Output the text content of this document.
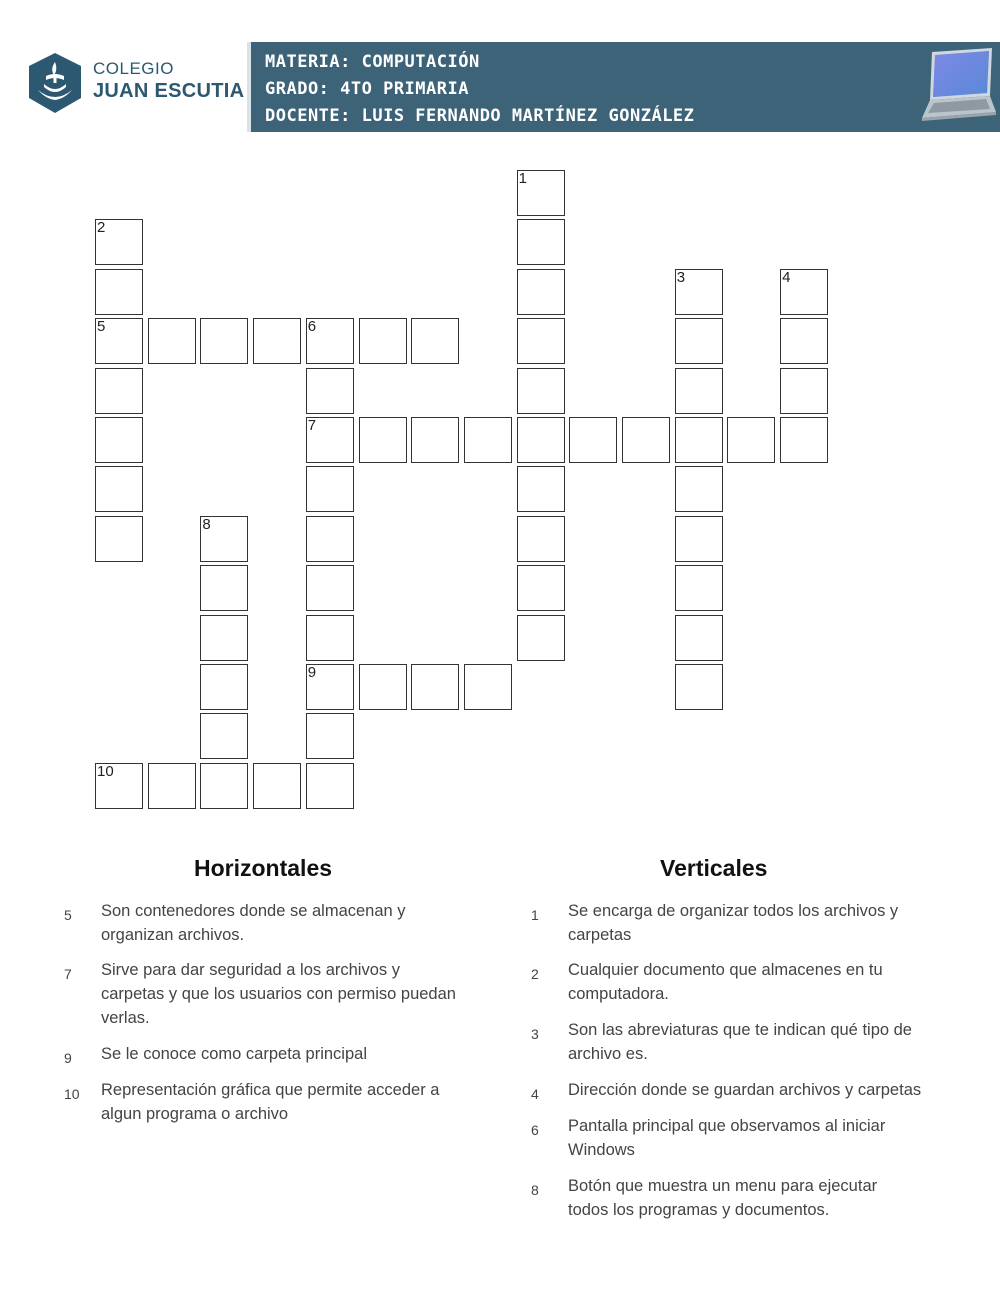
COLEGIO
JUAN ESCUTIA
MATERIA: COMPUTACIÓN
GRADO: 4TO PRIMARIA
DOCENTE: LUIS FERNANDO MARTÍNEZ GONZÁLEZ
1
2
5
3	4
6
7
9
8
10
Horizontales	Verticales
5 Son contenedores donde se almacenan y organizan archivos.
7 Sirve para dar seguridad a los archivos y carpetas y que los usuarios con permiso puedan verlas.
9 Se le conoce como carpeta principal
10 Representación gráfica que permite acceder a algun programa o archivo
1 Se encarga de organizar todos los archivos y carpetas
2 Cualquier documento que almacenes en tu computadora.
3 Son las abreviaturas que te indican qué tipo de archivo es.
4 Dirección donde se guardan archivos y carpetas
6 Pantalla principal que observamos al iniciar Windows
8 Botón que muestra un menu para ejecutar todos los programas y documentos.
